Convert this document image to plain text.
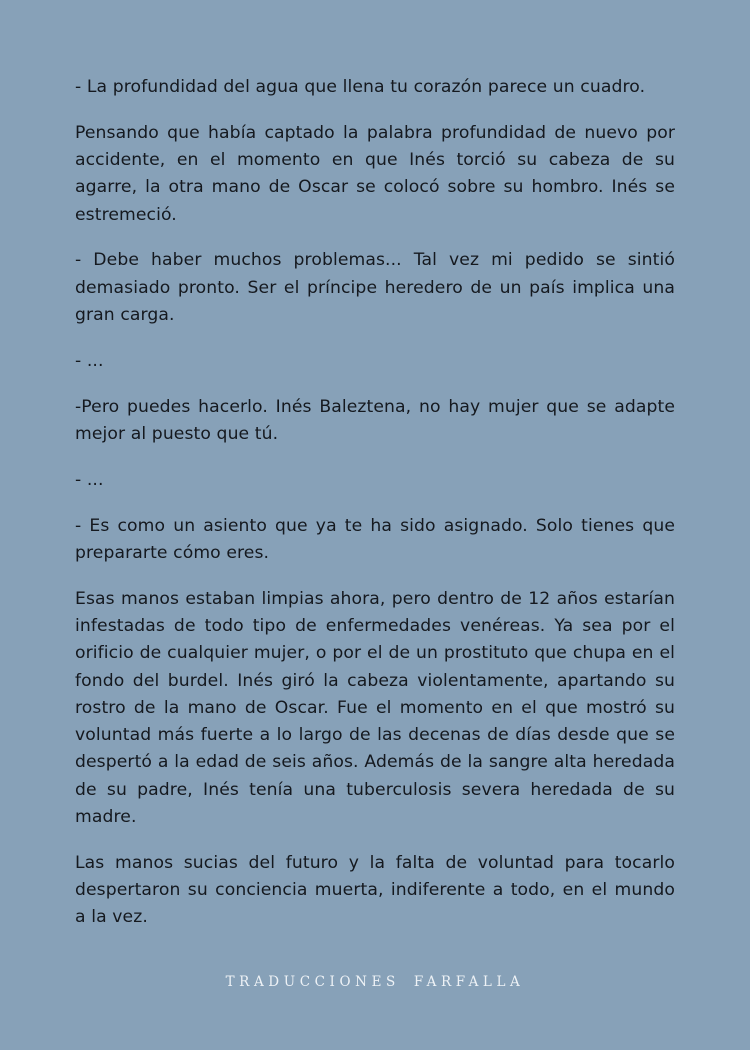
- La profundidad del agua que llena tu corazón parece un cuadro.

Pensando que había captado la palabra profundidad de nuevo por accidente, en el momento en que Inés torció su cabeza de su agarre, la otra mano de Oscar se colocó sobre su hombro. Inés se estremeció.

- Debe haber muchos problemas... Tal vez mi pedido se sintió demasiado pronto. Ser el príncipe heredero de un país implica una gran carga.

- ...

-Pero puedes hacerlo. Inés Baleztena, no hay mujer que se adapte mejor al puesto que tú.

- ...

- Es como un asiento que ya te ha sido asignado. Solo tienes que prepararte cómo eres.

Esas manos estaban limpias ahora, pero dentro de 12 años estarían infestadas de todo tipo de enfermedades venéreas. Ya sea por el orificio de cualquier mujer, o por el de un prostituto que chupa en el fondo del burdel. Inés giró la cabeza violentamente, apartando su rostro de la mano de Oscar. Fue el momento en el que mostró su voluntad más fuerte a lo largo de las decenas de días desde que se despertó a la edad de seis años. Además de la sangre alta heredada de su padre, Inés tenía una tuberculosis severa heredada de su madre.

Las manos sucias del futuro y la falta de voluntad para tocarlo despertaron su conciencia muerta, indiferente a todo, en el mundo a la vez.

TRADUCCIONES FARFALLA
